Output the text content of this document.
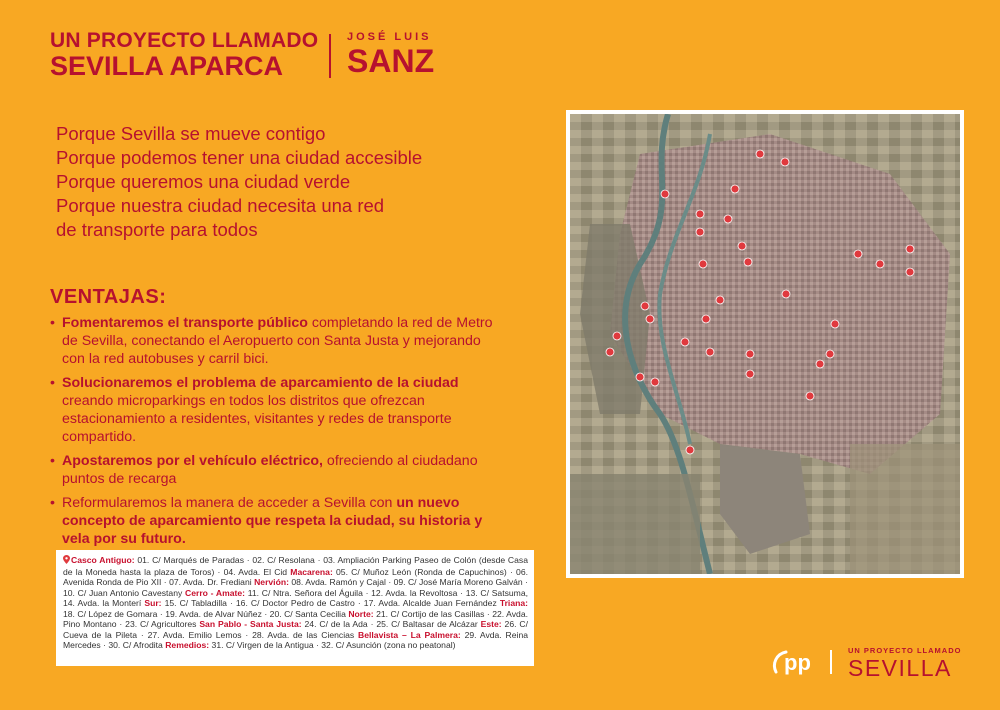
UN PROYECTO LLAMADO
SEVILLA APARCA
JOSÉ LUIS
SANZ
Porque Sevilla se mueve contigo
Porque podemos tener una ciudad accesible
Porque queremos una ciudad verde
Porque nuestra ciudad necesita una red
de transporte para todos
VENTAJAS:
• Fomentaremos el transporte público completando la red de Metro de Sevilla, conectando el Aeropuerto con Santa Justa y mejorando con la red autobuses y carril bici.
• Solucionaremos el problema de aparcamiento de la ciudad creando microparkings en todos los distritos que ofrezcan estacionamiento a residentes, visitantes y redes de transporte compartido.
• Apostaremos por el vehículo eléctrico, ofreciendo al ciudadano puntos de recarga
• Reformularemos la manera de acceder a Sevilla con un nuevo concepto de aparcamiento que respeta la ciudad, su historia y vela por su futuro.
Casco Antiguo: 01. C/ Marqués de Paradas · 02. C/ Resolana · 03. Ampliación Parking Paseo de Colón (desde Casa de la Moneda hasta la plaza de Toros) · 04. Avda. El Cid Macarena: 05. C/ Muñoz León (Ronda de Capuchinos) · 06. Avenida Ronda de Pio XII · 07. Avda. Dr. Frediani Nervión: 08. Avda. Ramón y Cajal · 09. C/ José María Moreno Galván · 10. C/ Juan Antonio Cavestany Cerro - Amate: 11. C/ Ntra. Señora del Águila · 12. Avda. la Revoltosa · 13. C/ Satsuma, 14. Avda. la Monterí Sur: 15. C/ Tabladilla · 16. C/ Doctor Pedro de Castro · 17. Avda. Alcalde Juan Fernández Triana: 18. C/ López de Gomara · 19. Avda. de Alvar Núñez · 20. C/ Santa Cecilia Norte: 21. C/ Cortijo de las Casillas · 22. Avda. Pino Montano · 23. C/ Agricultores San Pablo - Santa Justa: 24. C/ de la Ada · 25. C/ Baltasar de Alcázar Este: 26. C/ Cueva de la Pileta · 27. Avda. Emilio Lemos · 28. Avda. de las Ciencias Bellavista – La Palmera: 29. Avda. Reina Mercedes · 30. C/ Afrodita Remedios: 31. C/ Virgen de la Antigua · 32. C/ Asunción (zona no peatonal)
pp	UN PROYECTO LLAMADO
SEVILLA
